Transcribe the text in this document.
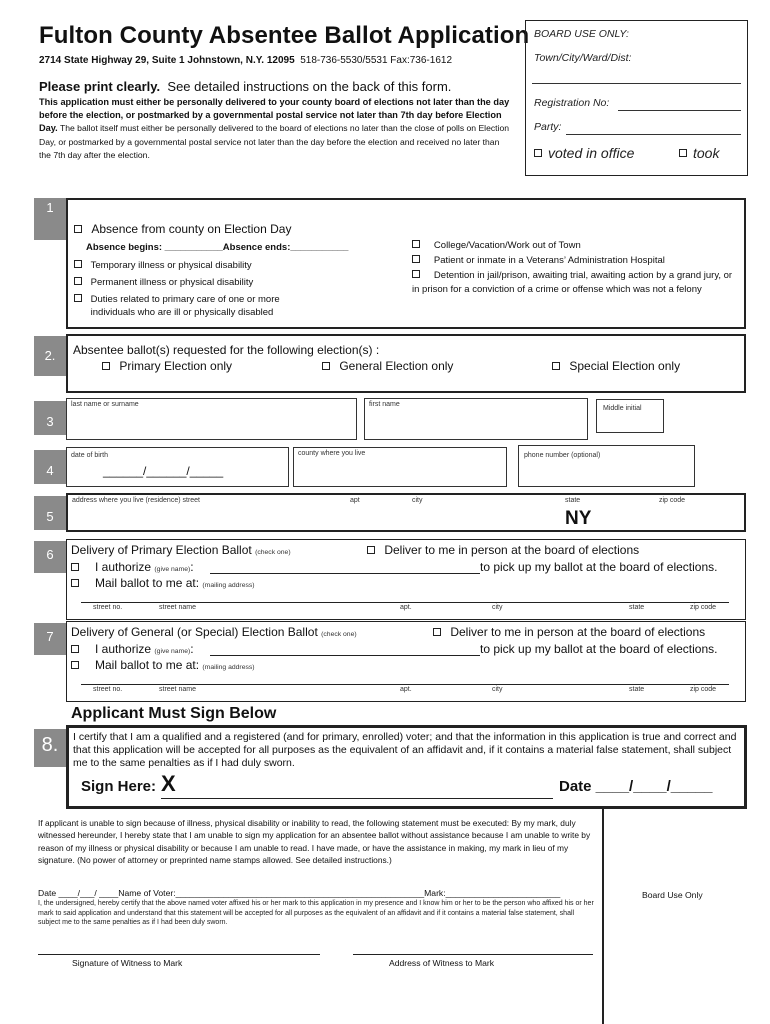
Fulton County Absentee Ballot Application
2714 State Highway 29, Suite 1 Johnstown, N.Y. 12095 518-736-5530/5531 Fax:736-1612
Please print clearly. See detailed instructions on the back of this form.
This application must either be personally delivered to your county board of elections not later than the day before the election, or postmarked by a governmental postal service not later than 7th day before Election Day. The ballot itself must either be personally delivered to the board of elections no later than the close of polls on Election Day, or postmarked by a governmental postal service not later than the day before the election and received no later than the 7th day after the election.
BOARD USE ONLY:
Town/City/Ward/Dist:
Registration No:
Party:
voted in office	took
1
Absence from county on Election Day
Absence begins: ___________Absence ends:___________
Temporary illness or physical disability
Permanent illness or physical disability
Duties related to primary care of one or more individuals who are ill or physically disabled
College/Vacation/Work out of Town
Patient or inmate in a Veterans’ Administration Hospital
Detention in jail/prison, awaiting trial, awaiting action by a grand jury, or in prison for a conviction of a crime or offense which was not a felony
2.	Absentee ballot(s) requested for the following election(s) :
Primary Election only	General Election only	Special Election only
3
last name or surname	first name
Middle initial
4
date of birth
______/______/_____
county where you live	phone number (optional)
5
address where you live (residence) street	apt	city	state	zip code
NY
6	Delivery of Primary Election Ballot (check one)	Deliver to me in person at the board of elections
I authorize (give name):	to pick up my ballot at the board of elections.
Mail ballot to me at: (mailing address)
street no.	street name	apt.	city	state	zip code
7	Delivery of General (or Special) Election Ballot (check one)	Deliver to me in person at the board of elections
I authorize (give name):	to pick up my ballot at the board of elections.
Mail ballot to me at: (mailing address)
street no.	street name	apt.	city	state	zip code
Applicant Must Sign Below
8.	I certify that I am a qualified and a registered (and for primary, enrolled) voter; and that the information in this application is true and correct and that this application will be accepted for all purposes as the equivalent of an affidavit and, if it contains a material false statement, shall subject me to the same penalties as if I had duly sworn.
Sign Here: X	Date ____/____/_____
If applicant is unable to sign because of illness, physical disability or inability to read, the following statement must be executed: By my mark, duly witnessed hereunder, I hereby state that I am unable to sign my application for an absentee ballot without assistance because I am unable to write by reason of my illness or physical disability or because I am unable to read. I have made, or have the assistance in making, my mark in lieu of my signature. (No power of attorney or preprinted name stamps allowed. See detailed instructions.)
Date ____/___/ ____Name of Voter:____________________________________________________Mark:________________________
I, the undersigned, hereby certify that the above named voter affixed his or her mark to this application in my presence and I know him or her to be the person who affixed his or her mark to said application and understand that this statement will be accepted for all purposes as the equivalent of an affidavit and if it contains a material false statement, shall subject me to the same penalties as if I had been duly sworn.
Signature of Witness to Mark	Address of Witness to Mark
Board Use Only
